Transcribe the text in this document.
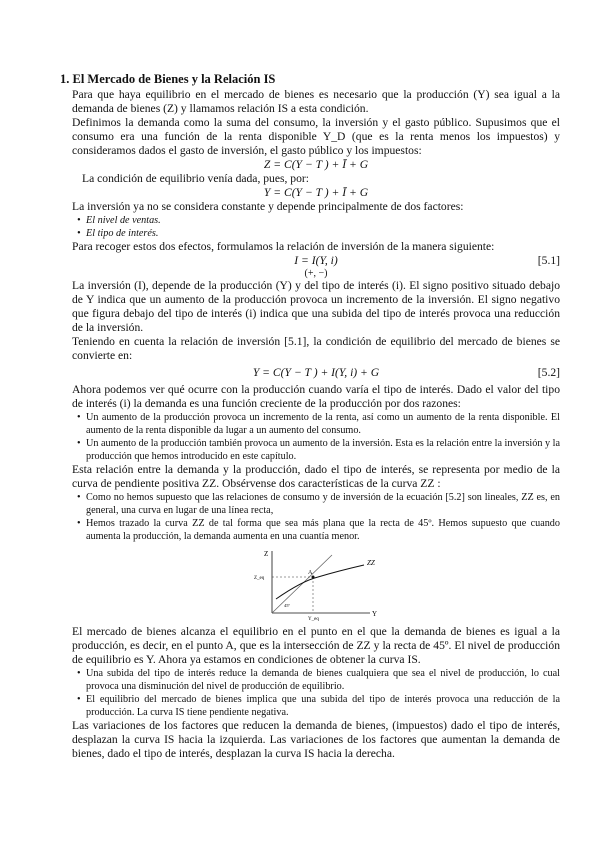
1. El Mercado de Bienes y la Relación IS

Para que haya equilibrio en el mercado de bienes es necesario que la producción (Y) sea igual a la demanda de bienes (Z) y llamamos relación IS a esta condición.

Definimos la demanda como la suma del consumo, la inversión y el gasto público. Supusimos que el consumo era una función de la renta disponible Y_D (que es la renta menos los impuestos) y consideramos dados el gasto de inversión, el gasto público y los impuestos:

Z = C(Y − T ) + Ī + G

La condición de equilibrio venía dada, pues, por:

Y = C(Y − T ) + Ī + G

La inversión ya no se considera constante y depende principalmente de dos factores:

• El nivel de ventas.
• El tipo de interés.

Para recoger estos dos efectos, formulamos la relación de inversión de la manera siguiente:

I = I(Y, i)	[5.1]
(+, −)

La inversión (I), depende de la producción (Y) y del tipo de interés (i). El signo positivo situado debajo de Y indica que un aumento de la producción provoca un incremento de la inversión. El signo negativo que figura debajo del tipo de interés (i) indica que una subida del tipo de interés provoca una reducción de la inversión.

Teniendo en cuenta la relación de inversión [5.1], la condición de equilibrio del mercado de bienes se convierte en:

Y = C(Y − T ) + I(Y, i) + G	[5.2]

Ahora podemos ver qué ocurre con la producción cuando varía el tipo de interés. Dado el valor del tipo de interés (i) la demanda es una función creciente de la producción por dos razones:

• Un aumento de la producción provoca un incremento de la renta, así como un aumento de la renta disponible. El aumento de la renta disponible da lugar a un aumento del consumo.
• Un aumento de la producción también provoca un aumento de la inversión. Esta es la relación entre la inversión y la producción que hemos introducido en este capítulo.

Esta relación entre la demanda y la producción, dado el tipo de interés, se representa por medio de la curva de pendiente positiva ZZ. Obsérvense dos características de la curva ZZ :

• Como no hemos supuesto que las relaciones de consumo y de inversión de la ecuación [5.2] son lineales, ZZ es, en general, una curva en lugar de una línea recta,
• Hemos trazado la curva ZZ de tal forma que sea más plana que la recta de 45º. Hemos supuesto que cuando aumenta la producción, la demanda aumenta en una cuantía menor.
Z
Y
ZZ
A
Z_eq
Y_eq
45º

El mercado de bienes alcanza el equilibrio en el punto en el que la demanda de bienes es igual a la producción, es decir, en el punto A, que es la intersección de ZZ y la recta de 45º. El nivel de producción de equilibrio es Y. Ahora ya estamos en condiciones de obtener la curva IS.

• Una subida del tipo de interés reduce la demanda de bienes cualquiera que sea el nivel de producción, lo cual provoca una disminución del nivel de producción de equilibrio.
• El equilibrio del mercado de bienes implica que una subida del tipo de interés provoca una reducción de la producción. La curva IS tiene pendiente negativa.

Las variaciones de los factores que reducen la demanda de bienes, (impuestos) dado el tipo de interés, desplazan la curva IS hacia la izquierda. Las variaciones de los factores que aumentan la demanda de bienes, dado el tipo de interés, desplazan la curva IS hacia la derecha.
